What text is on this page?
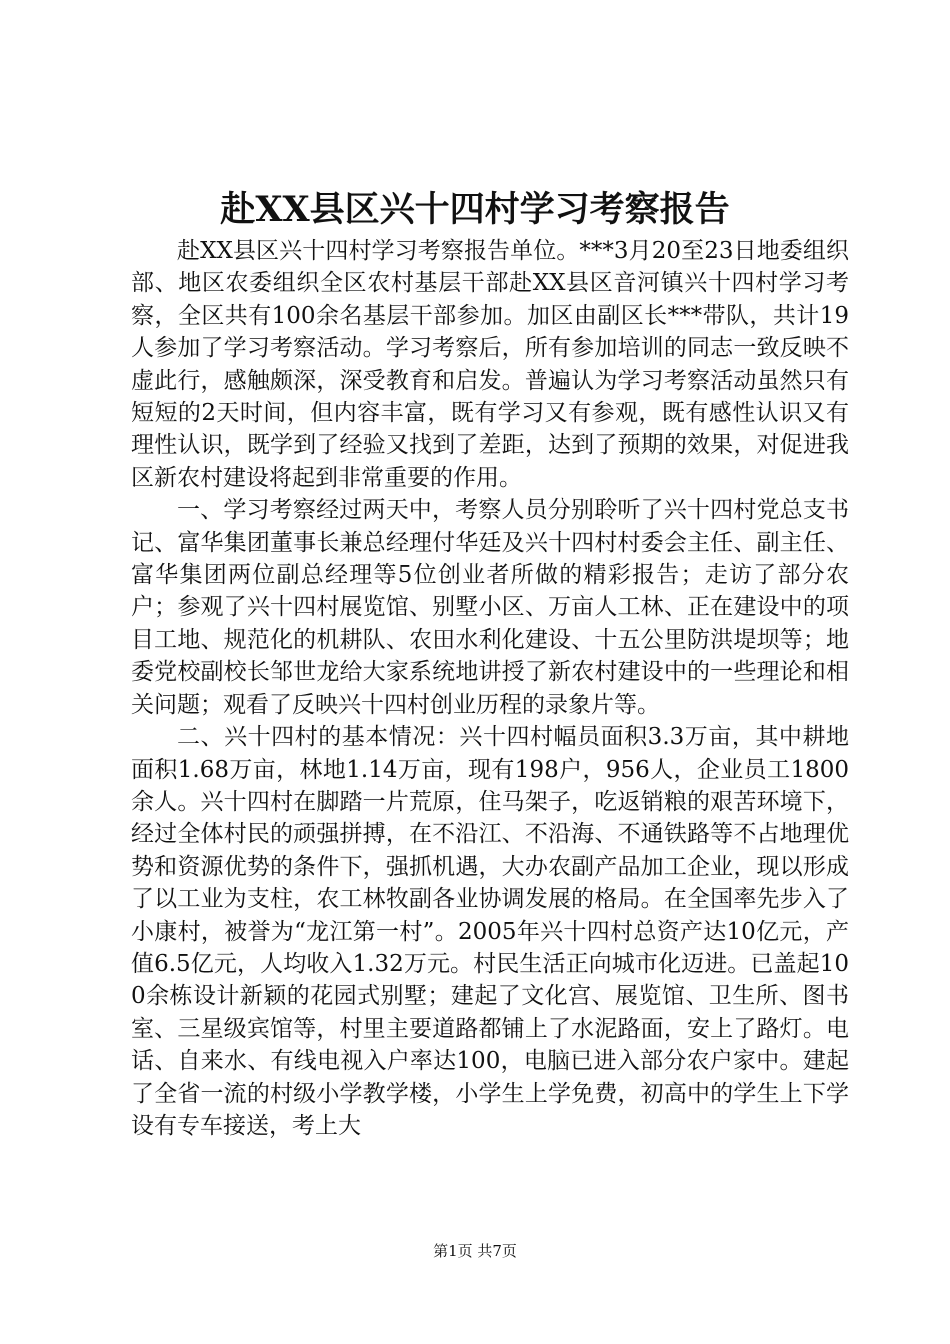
赴XX县区兴十四村学习考察报告

赴XX县区兴十四村学习考察报告单位。***3月20至23日地委组织部、地区农委组织全区农村基层干部赴XX县区音河镇兴十四村学习考察，全区共有100余名基层干部参加。加区由副区长***带队，共计19人参加了学习考察活动。学习考察后，所有参加培训的同志一致反映不虚此行，感触颇深，深受教育和启发。普遍认为学习考察活动虽然只有短短的2天时间，但内容丰富，既有学习又有参观，既有感性认识又有理性认识，既学到了经验又找到了差距，达到了预期的效果，对促进我区新农村建设将起到非常重要的作用。

一、学习考察经过两天中，考察人员分别聆听了兴十四村党总支书记、富华集团董事长兼总经理付华廷及兴十四村村委会主任、副主任、富华集团两位副总经理等5位创业者所做的精彩报告；走访了部分农户；参观了兴十四村展览馆、别墅小区、万亩人工林、正在建设中的项目工地、规范化的机耕队、农田水利化建设、十五公里防洪堤坝等；地委党校副校长邹世龙给大家系统地讲授了新农村建设中的一些理论和相关问题；观看了反映兴十四村创业历程的录象片等。

二、兴十四村的基本情况：兴十四村幅员面积3.3万亩，其中耕地面积1.68万亩，林地1.14万亩，现有198户，956人，企业员工1800余人。兴十四村在脚踏一片荒原，住马架子，吃返销粮的艰苦环境下，经过全体村民的顽强拼搏，在不沿江、不沿海、不通铁路等不占地理优势和资源优势的条件下，强抓机遇，大办农副产品加工企业，现以形成了以工业为支柱，农工林牧副各业协调发展的格局。在全国率先步入了小康村，被誉为“龙江第一村”。2005年兴十四村总资产达10亿元，产值6.5亿元，人均收入1.32万元。村民生活正向城市化迈进。已盖起100余栋设计新颖的花园式别墅；建起了文化宫、展览馆、卫生所、图书室、三星级宾馆等，村里主要道路都铺上了水泥路面，安上了路灯。电话、自来水、有线电视入户率达100，电脑已进入部分农户家中。建起了全省一流的村级小学教学楼，小学生上学免费，初高中的学生上下学设有专车接送，考上大

第1页 共7页
